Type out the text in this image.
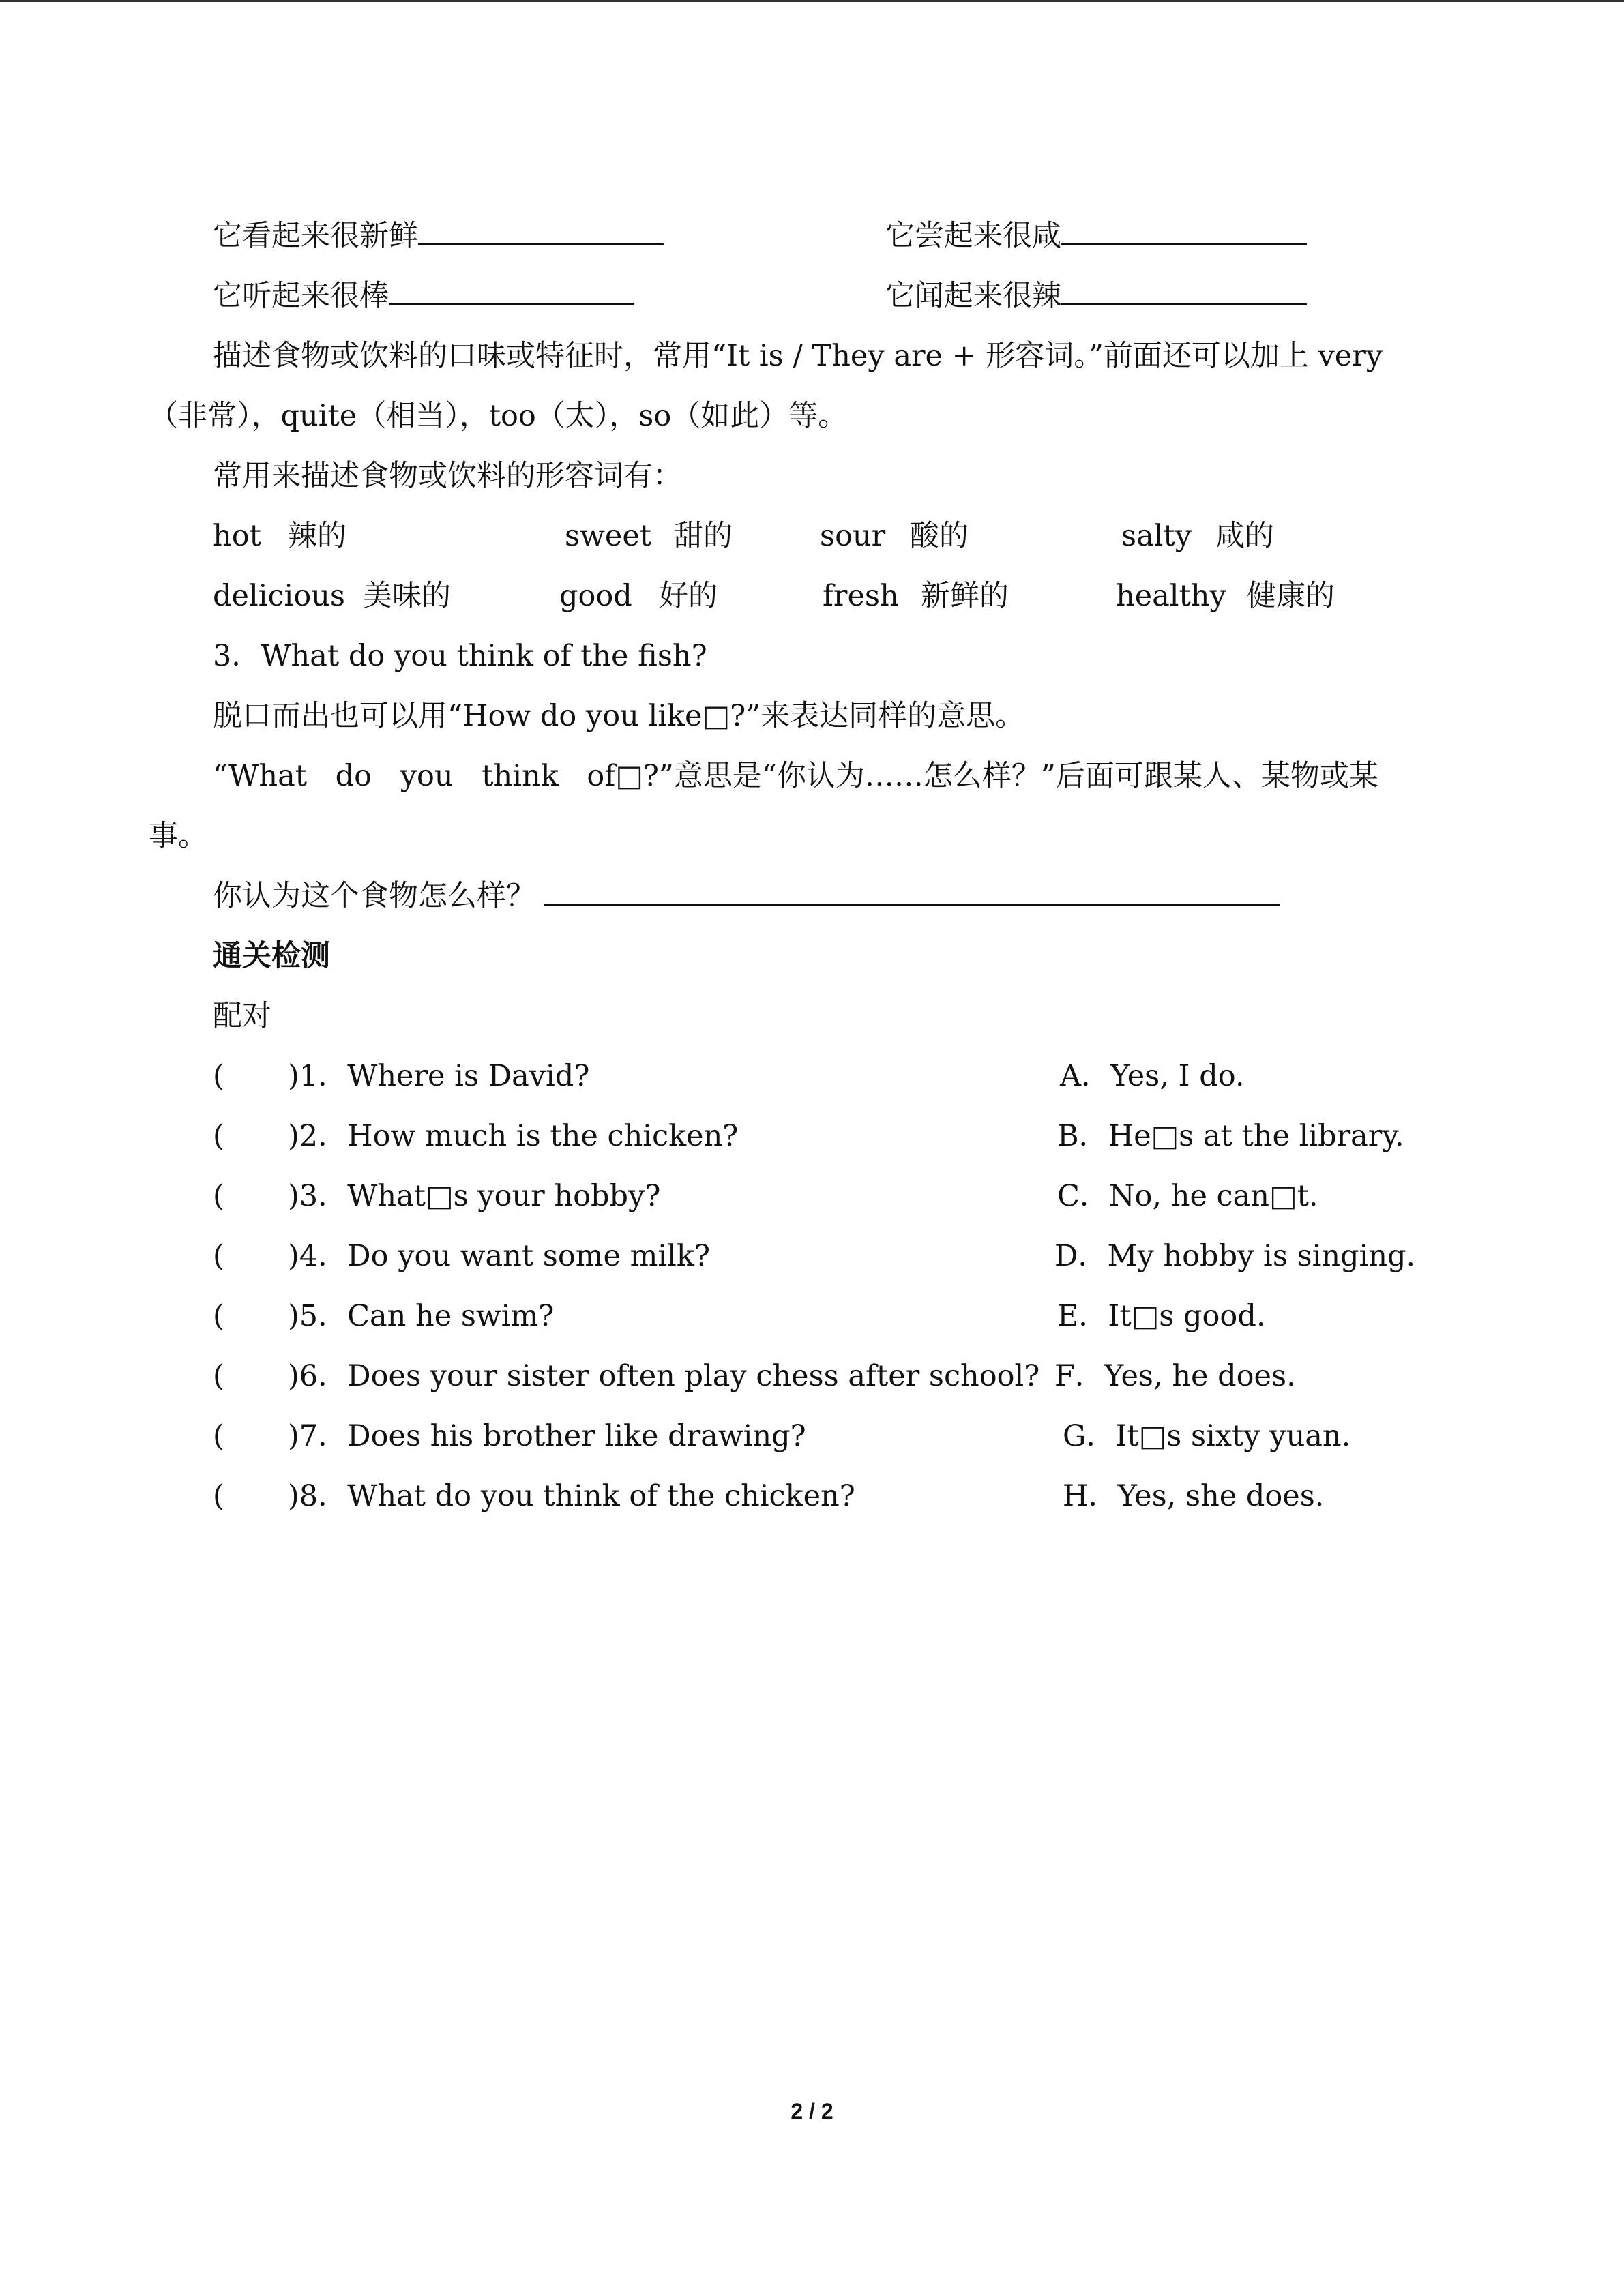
它看起来很新鲜	它尝起来很咸
它听起来很棒	它闻起来很辣
描述食物或饮料的口味或特征时，常用“It is / They are + 形容词。”前面还可以加上 very
（非常），quite（相当），too（太），so（如此）等。
常用来描述食物或饮料的形容词有：
hot 辣的	sweet 甜的	sour 酸的	salty 咸的
delicious 美味的	good 好的	fresh 新鲜的	healthy 健康的
3．What do you think of the fish?
脱口而出也可以用“How do you like□?”来表达同样的意思。
“What do you think of□?”意思是“你认为……怎么样？”后面可跟某人、某物或某
事。
你认为这个食物怎么样？
通关检测
配对
( )1．Where is David?	A．Yes, I do.
( )2．How much is the chicken?	B．He□s at the library.
( )3．What□s your hobby?	C．No, he can□t.
( )4．Do you want some milk?	D．My hobby is singing.
( )5．Can he swim?	E．It□s good.
( )6．Does your sister often play chess after school? F．Yes, he does.
( )7．Does his brother like drawing?	G．It□s sixty yuan.
( )8．What do you think of the chicken?	H．Yes, she does.
2 / 2
